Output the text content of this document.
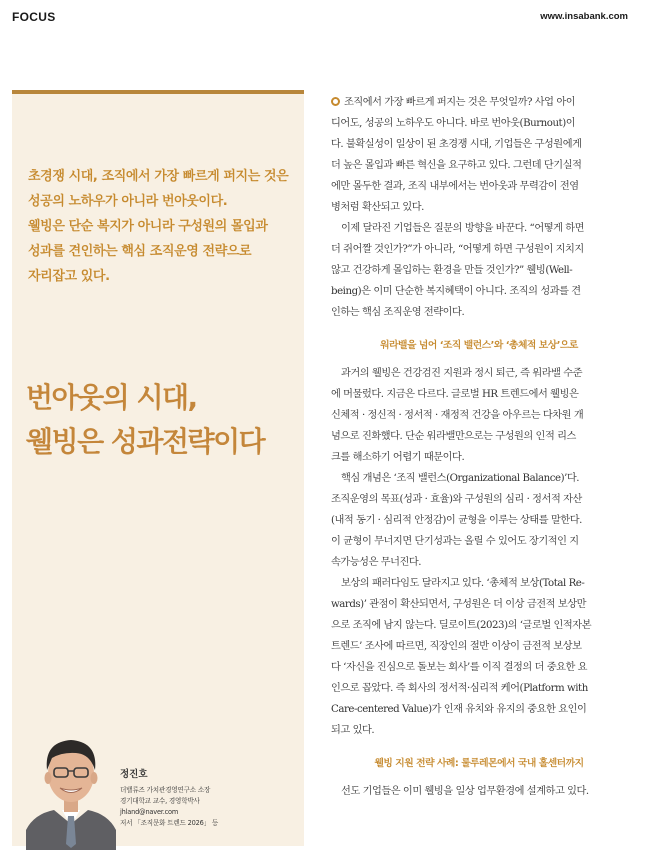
FOCUS	www.insabank.com
초경쟁 시대, 조직에서 가장 빠르게 퍼지는 것은
성공의 노하우가 아니라 번아웃이다.
웰빙은 단순 복지가 아니라 구성원의 몰입과
성과를 견인하는 핵심 조직운영 전략으로
자리잡고 있다.
번아웃의 시대,
웰빙은 성과전략이다
정진호
더밸류즈 가치관경영연구소 소장
경기대학교 교수, 경영학박사
jhland@naver.com
저서 「조직문화 트렌드 2026」 등
조직에서 가장 빠르게 퍼지는 것은 무엇일까? 사업 아이
디어도, 성공의 노하우도 아니다. 바로 번아웃(Burnout)이
다. 불확실성이 일상이 된 초경쟁 시대, 기업들은 구성원에게
더 높은 몰입과 빠른 혁신을 요구하고 있다. 그런데 단기실적
에만 몰두한 결과, 조직 내부에서는 번아웃과 무력감이 전염
병처럼 확산되고 있다.
이제 달라진 기업들은 질문의 방향을 바꾼다. “어떻게 하면
더 쥐어짤 것인가?”가 아니라, “어떻게 하면 구성원이 지치지
않고 건강하게 몰입하는 환경을 만들 것인가?” 웰빙(Well-
being)은 이미 단순한 복지혜택이 아니다. 조직의 성과를 견
인하는 핵심 조직운영 전략이다.
워라밸을 넘어 ‘조직 밸런스’와 ‘총체적 보상’으로
과거의 웰빙은 건강검진 지원과 정시 퇴근, 즉 워라밸 수준
에 머물렀다. 지금은 다르다. 글로벌 HR 트렌드에서 웰빙은
신체적 · 정신적 · 정서적 · 재정적 건강을 아우르는 다차원 개
념으로 진화했다. 단순 워라밸만으로는 구성원의 인적 리스
크를 해소하기 어렵기 때문이다.
핵심 개념은 ‘조직 밸런스(Organizational Balance)’다.
조직운영의 목표(성과 · 효율)와 구성원의 심리 · 정서적 자산
(내적 동기 · 심리적 안정감)이 균형을 이루는 상태를 말한다.
이 균형이 무너지면 단기성과는 올릴 수 있어도 장기적인 지
속가능성은 무너진다.
보상의 패러다임도 달라지고 있다. ‘총체적 보상(Total Re-
wards)’ 관점이 확산되면서, 구성원은 더 이상 금전적 보상만
으로 조직에 남지 않는다. 딜로이트(2023)의 ‘글로벌 인적자본
트렌드’ 조사에 따르면, 직장인의 절반 이상이 금전적 보상보
다 ‘자신을 진심으로 돌보는 회사’를 이직 결정의 더 중요한 요
인으로 꼽았다. 즉 회사의 정서적·심리적 케어(Platform with
Care-centered Value)가 인재 유치와 유지의 중요한 요인이
되고 있다.
웰빙 지원 전략 사례: 룰루레몬에서 국내 홀센터까지
선도 기업들은 이미 웰빙을 일상 업무환경에 설계하고 있다.
